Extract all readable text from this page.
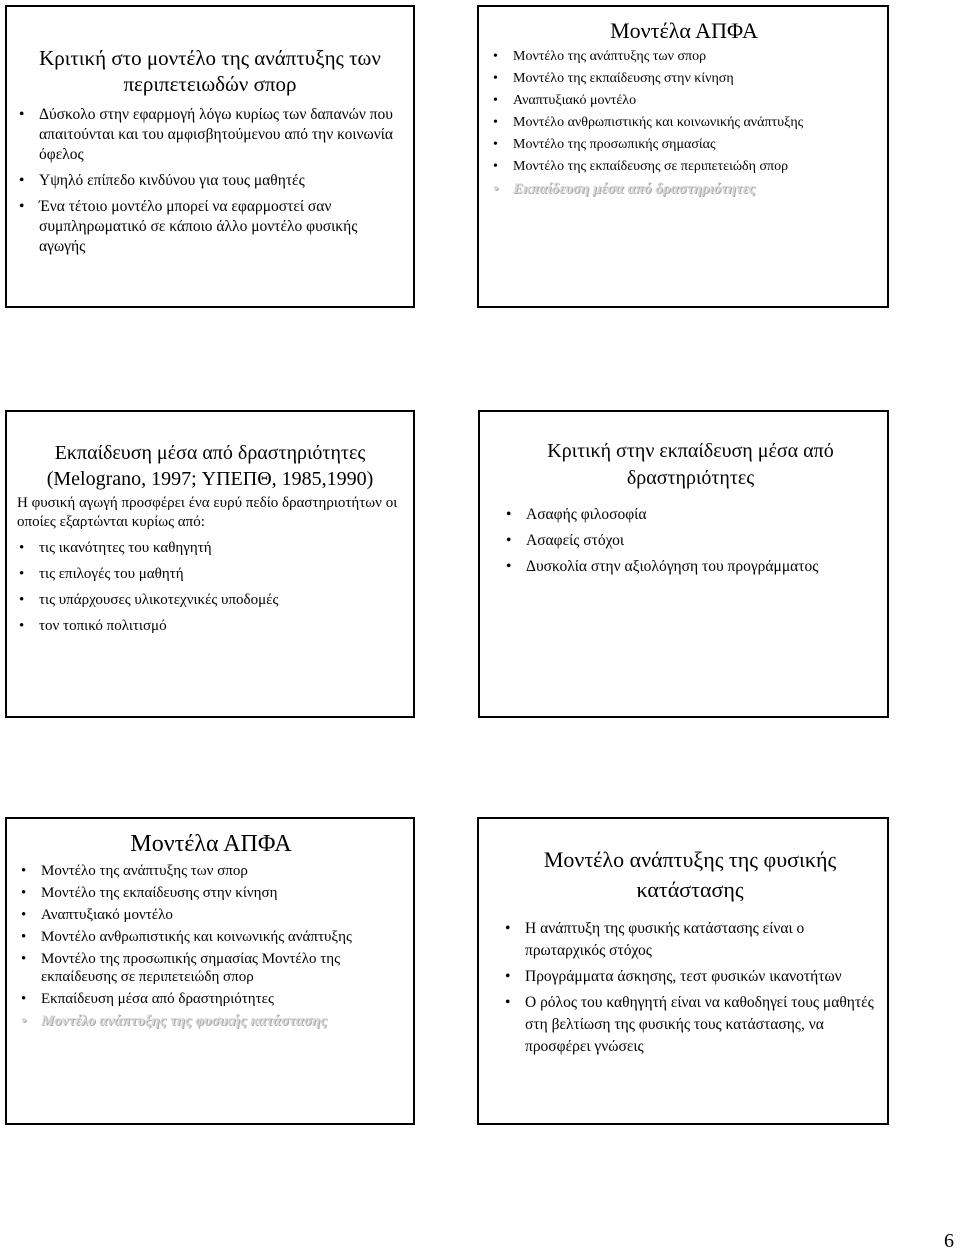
Κριτική στο μοντέλο της ανάπτυξης των περιπετειωδών σπορ
• Δύσκολο στην εφαρμογή λόγω κυρίως των δαπανών που απαιτούνται και του αμφισβητούμενου από την κοινωνία όφελος
• Υψηλό επίπεδο κινδύνου για τους μαθητές
• Ένα τέτοιο μοντέλο μπορεί να εφαρμοστεί σαν συμπληρωματικό σε κάποιο άλλο μοντέλο φυσικής αγωγής
Μοντέλα ΑΠΦΑ
• Μοντέλο της ανάπτυξης των σπορ
• Μοντέλο της εκπαίδευσης στην κίνηση
• Αναπτυξιακό μοντέλο
• Μοντέλο ανθρωπιστικής και κοινωνικής ανάπτυξης
• Μοντέλο της προσωπικής σημασίας
• Μοντέλο της εκπαίδευσης σε περιπετειώδη σπορ
• Εκπαίδευση μέσα από δραστηριότητες
Εκπαίδευση μέσα από δραστηριότητες (Melograno, 1997; ΥΠΕΠΘ, 1985,1990)
Η φυσική αγωγή προσφέρει ένα ευρύ πεδίο δραστηριοτήτων οι οποίες εξαρτώνται κυρίως από:
• τις ικανότητες του καθηγητή
• τις επιλογές του μαθητή
• τις υπάρχουσες υλικοτεχνικές υποδομές
• τον τοπικό πολιτισμό
Κριτική στην εκπαίδευση μέσα από δραστηριότητες
• Ασαφής φιλοσοφία
• Ασαφείς στόχοι
• Δυσκολία στην αξιολόγηση του προγράμματος
Μοντέλα ΑΠΦΑ
• Μοντέλο της ανάπτυξης των σπορ
• Μοντέλο της εκπαίδευσης στην κίνηση
• Αναπτυξιακό μοντέλο
• Μοντέλο ανθρωπιστικής και κοινωνικής ανάπτυξης
• Μοντέλο της προσωπικής σημασίας Μοντέλο της εκπαίδευσης σε περιπετειώδη σπορ
• Εκπαίδευση μέσα από δραστηριότητες
• Μοντέλο ανάπτυξης της φυσικής κατάστασης
Μοντέλο ανάπτυξης της φυσικής κατάστασης
• Η ανάπτυξη της φυσικής κατάστασης είναι ο πρωταρχικός στόχος
• Προγράμματα άσκησης, τεστ φυσικών ικανοτήτων
• Ο ρόλος του καθηγητή είναι να καθοδηγεί τους μαθητές στη βελτίωση της φυσικής τους κατάστασης, να προσφέρει γνώσεις
6
